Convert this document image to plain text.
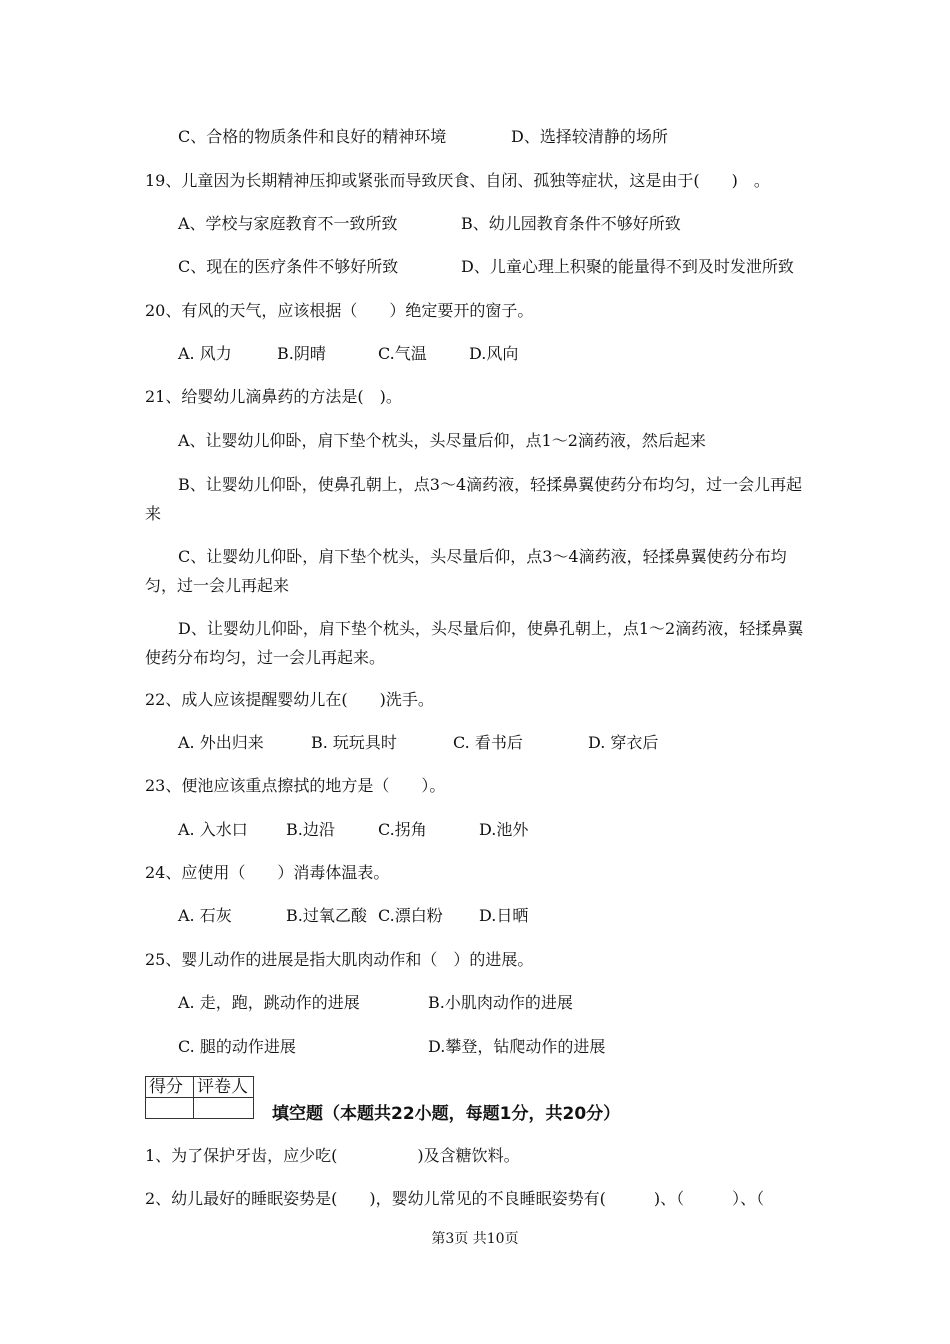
C、合格的物质条件和良好的精神环境	D、选择较清静的场所
19、儿童因为长期精神压抑或紧张而导致厌食、自闭、孤独等症状，这是由于(　　)　。
A、学校与家庭教育不一致所致	B、幼儿园教育条件不够好所致
C、现在的医疗条件不够好所致	D、儿童心理上积聚的能量得不到及时发泄所致
20、有风的天气，应该根据（　　）绝定要开的窗子。
A. 风力	B.阴晴	C.气温	D.风向
21、给婴幼儿滴鼻药的方法是(　)。
A、让婴幼儿仰卧，肩下垫个枕头，头尽量后仰，点1～2滴药液，然后起来
B、让婴幼儿仰卧，使鼻孔朝上，点3～4滴药液，轻揉鼻翼使药分布均匀，过一会儿再起来
C、让婴幼儿仰卧，肩下垫个枕头，头尽量后仰，点3～4滴药液，轻揉鼻翼使药分布均匀，过一会儿再起来
D、让婴幼儿仰卧，肩下垫个枕头，头尽量后仰，使鼻孔朝上，点1～2滴药液，轻揉鼻翼使药分布均匀，过一会儿再起来。
22、成人应该提醒婴幼儿在(　　)洗手。
A. 外出归来	B. 玩玩具时	C. 看书后	D. 穿衣后
23、便池应该重点擦拭的地方是（　　）。
A. 入水口 B.边沿	C.拐角	D.池外
24、应使用（　　）消毒体温表。
A. 石灰	B.过氧乙酸 C.漂白粉 D.日晒
25、婴儿动作的进展是指大肌肉动作和（　）的进展。
A. 走，跑，跳动作的进展	B.小肌肉动作的进展
C. 腿的动作进展	D.攀登，钻爬动作的进展
得分	评卷人

填空题（本题共22小题，每题1分，共20分）
1、为了保护牙齿，应少吃(　　　　　)及含糖饮料。
2、幼儿最好的睡眠姿势是(　　)，婴幼儿常见的不良睡眠姿势有(　　　)、（　　　）、（
第3页 共10页
